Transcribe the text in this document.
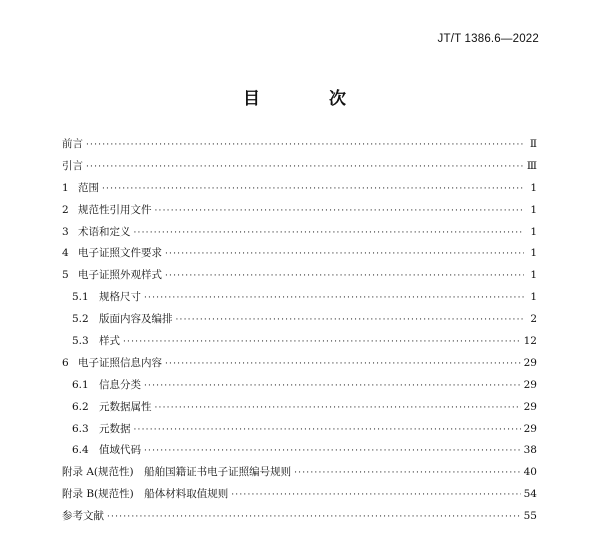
JT/T 1386.6—2022
目　次
前言 ·····	Ⅱ
引言 ·····	Ⅲ
1 范围 ·····	1
2 规范性引用文件 ·····	1
3 术语和定义 ·····	1
4 电子证照文件要求 ·····	1
5 电子证照外观样式 ·····	1
5.1 规格尺寸 ·····	1
5.2 版面内容及编排 ·····	2
5.3 样式 ·····	12
6 电子证照信息内容 ·····	29
6.1 信息分类 ·····	29
6.2 元数据属性 ·····	29
6.3 元数据 ·····	29
6.4 值域代码 ·····	38
附录 A(规范性)　船舶国籍证书电子证照编号规则 ·····	40
附录 B(规范性)　船体材料取值规则 ·····	54
参考文献 ·····	55
